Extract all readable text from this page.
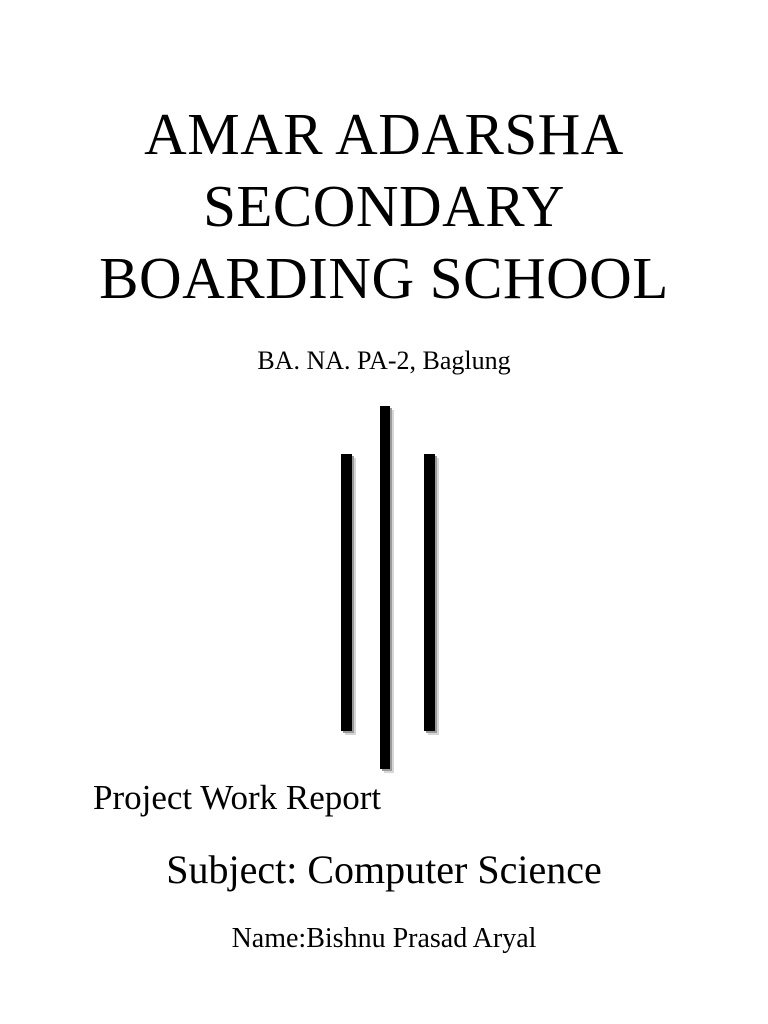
AMAR ADARSHA
SECONDARY
BOARDING SCHOOL
BA. NA. PA-2, Baglung
Project Work Report
Subject: Computer Science
Name:Bishnu Prasad Aryal
